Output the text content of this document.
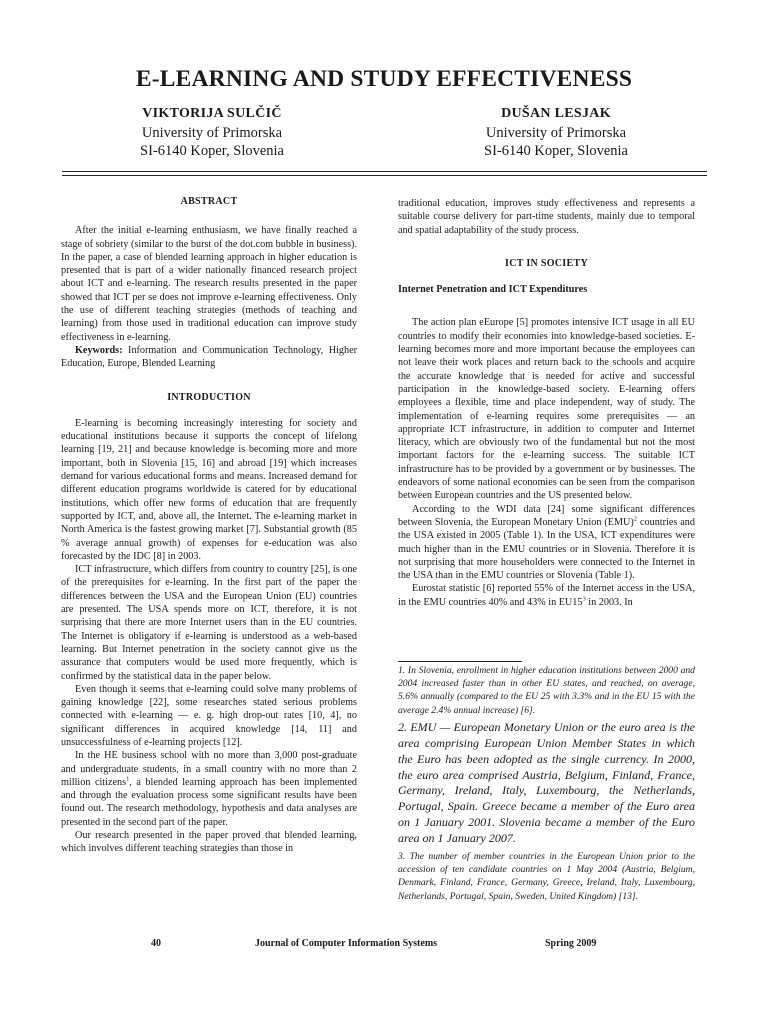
E-LEARNING AND STUDY EFFECTIVENESS
VIKTORIJA SULČIČ
University of Primorska
SI-6140 Koper, Slovenia
DUŠAN LESJAK
University of Primorska
SI-6140 Koper, Slovenia
ABSTRACT

After the initial e-learning enthusiasm, we have finally reached a stage of sobriety (similar to the burst of the dot.com bubble in business). In the paper, a case of blended learning approach in higher education is presented that is part of a wider nationally financed research project about ICT and e-learning. The research results presented in the paper showed that ICT per se does not improve e-learning effectiveness. Only the use of different teaching strategies (methods of teaching and learning) from those used in traditional education can improve study effectiveness in e-learning.

Keywords: Information and Communication Technology, Higher Education, Europe, Blended Learning

INTRODUCTION

E-learning is becoming increasingly interesting for society and educational institutions because it supports the concept of lifelong learning [19, 21] and because knowledge is becoming more and more important, both in Slovenia [15, 16] and abroad [19] which increases demand for various educational forms and means. Increased demand for different education programs worldwide is catered for by educational institutions, which offer new forms of education that are frequently supported by ICT, and, above all, the Internet. The e-learning market in North America is the fastest growing market [7]. Substantial growth (85 % average annual growth) of expenses for e-education was also forecasted by the IDC [8] in 2003.

ICT infrastructure, which differs from country to country [25], is one of the prerequisites for e-learning. In the first part of the paper the differences between the USA and the European Union (EU) countries are presented. The USA spends more on ICT, therefore, it is not surprising that there are more Internet users than in the EU countries. The Internet is obligatory if e-learning is understood as a web-based learning. But Internet penetration in the society cannot give us the assurance that computers would be used more frequently, which is confirmed by the statistical data in the paper below.

Even though it seems that e-learning could solve many problems of gaining knowledge [22], some researches stated serious problems connected with e-learning — e. g. high drop-out rates [10, 4], no significant differences in acquired knowledge [14, 11] and unsuccessfulness of e-learning projects [12].

In the HE business school with no more than 3,000 post-graduate and undergraduate students, in a small country with no more than 2 million citizens$^1$, a blended learning approach has been implemented and through the evaluation process some significant results have been found out. The research methodology, hypothesis and data analyses are presented in the second part of the paper.

Our research presented in the paper proved that blended learning, which involves different teaching strategies than those in

traditional education, improves study effectiveness and represents a suitable course delivery for part-time students, mainly due to temporal and spatial adaptability of the study process.

ICT IN SOCIETY
Internet Penetration and ICT Expenditures

The action plan eEurope [5] promotes intensive ICT usage in all EU countries to modify their economies into knowledge-based societies. E-learning becomes more and more important because the employees can not leave their work places and return back to the schools and acquire the accurate knowledge that is needed for active and successful participation in the knowledge-based society. E-learning offers employees a flexible, time and place independent, way of study. The implementation of e-learning requires some prerequisites — an appropriate ICT infrastructure, in addition to computer and Internet literacy, which are obviously two of the fundamental but not the most important factors for the e-learning success. The suitable ICT infrastructure has to be provided by a government or by businesses. The endeavors of some national economies can be seen from the comparison between European countries and the US presented below.

According to the WDI data [24] some significant differences between Slovenia, the European Monetary Union (EMU)$^2$ countries and the USA existed in 2005 (Table 1). In the USA, ICT expenditures were much higher than in the EMU countries or in Slovenia. Therefore it is not surprising that more householders were connected to the Internet in the USA than in the EMU countries or Slovenia (Table 1).

Eurostat statistic [6] reported 55% of the Internet access in the USA, in the EMU countries 40% and 43% in $EU15^3$ in 2003. In

1. In Slovenia, enrollment in higher education institutions between 2000 and 2004 increased faster than in other EU states, and reached, on average, 5.6% annually (compared to the EU 25 with 3.3% and in the EU 15 with the average 2.4% annual increase) [6].

2. EMU — European Monetary Union or the euro area is the area comprising European Union Member States in which the Euro has been adopted as the single currency. In 2000, the euro area comprised Austria, Belgium, Finland, France, Germany, Ireland, Italy, Luxembourg, the Netherlands, Portugal, Spain. Greece became a member of the Euro area on 1 January 2001. Slovenia became a member of the Euro area on 1 January 2007.

3. The number of member countries in the European Union prior to the accession of ten candidate countries on 1 May 2004 (Austria, Belgium, Denmark, Finland, France, Germany, Greece, Ireland, Italy, Luxembourg, Netherlands, Portugal, Spain, Sweden, United Kingdom) [13].

40	Journal of Computer Information Systems	Spring 2009
